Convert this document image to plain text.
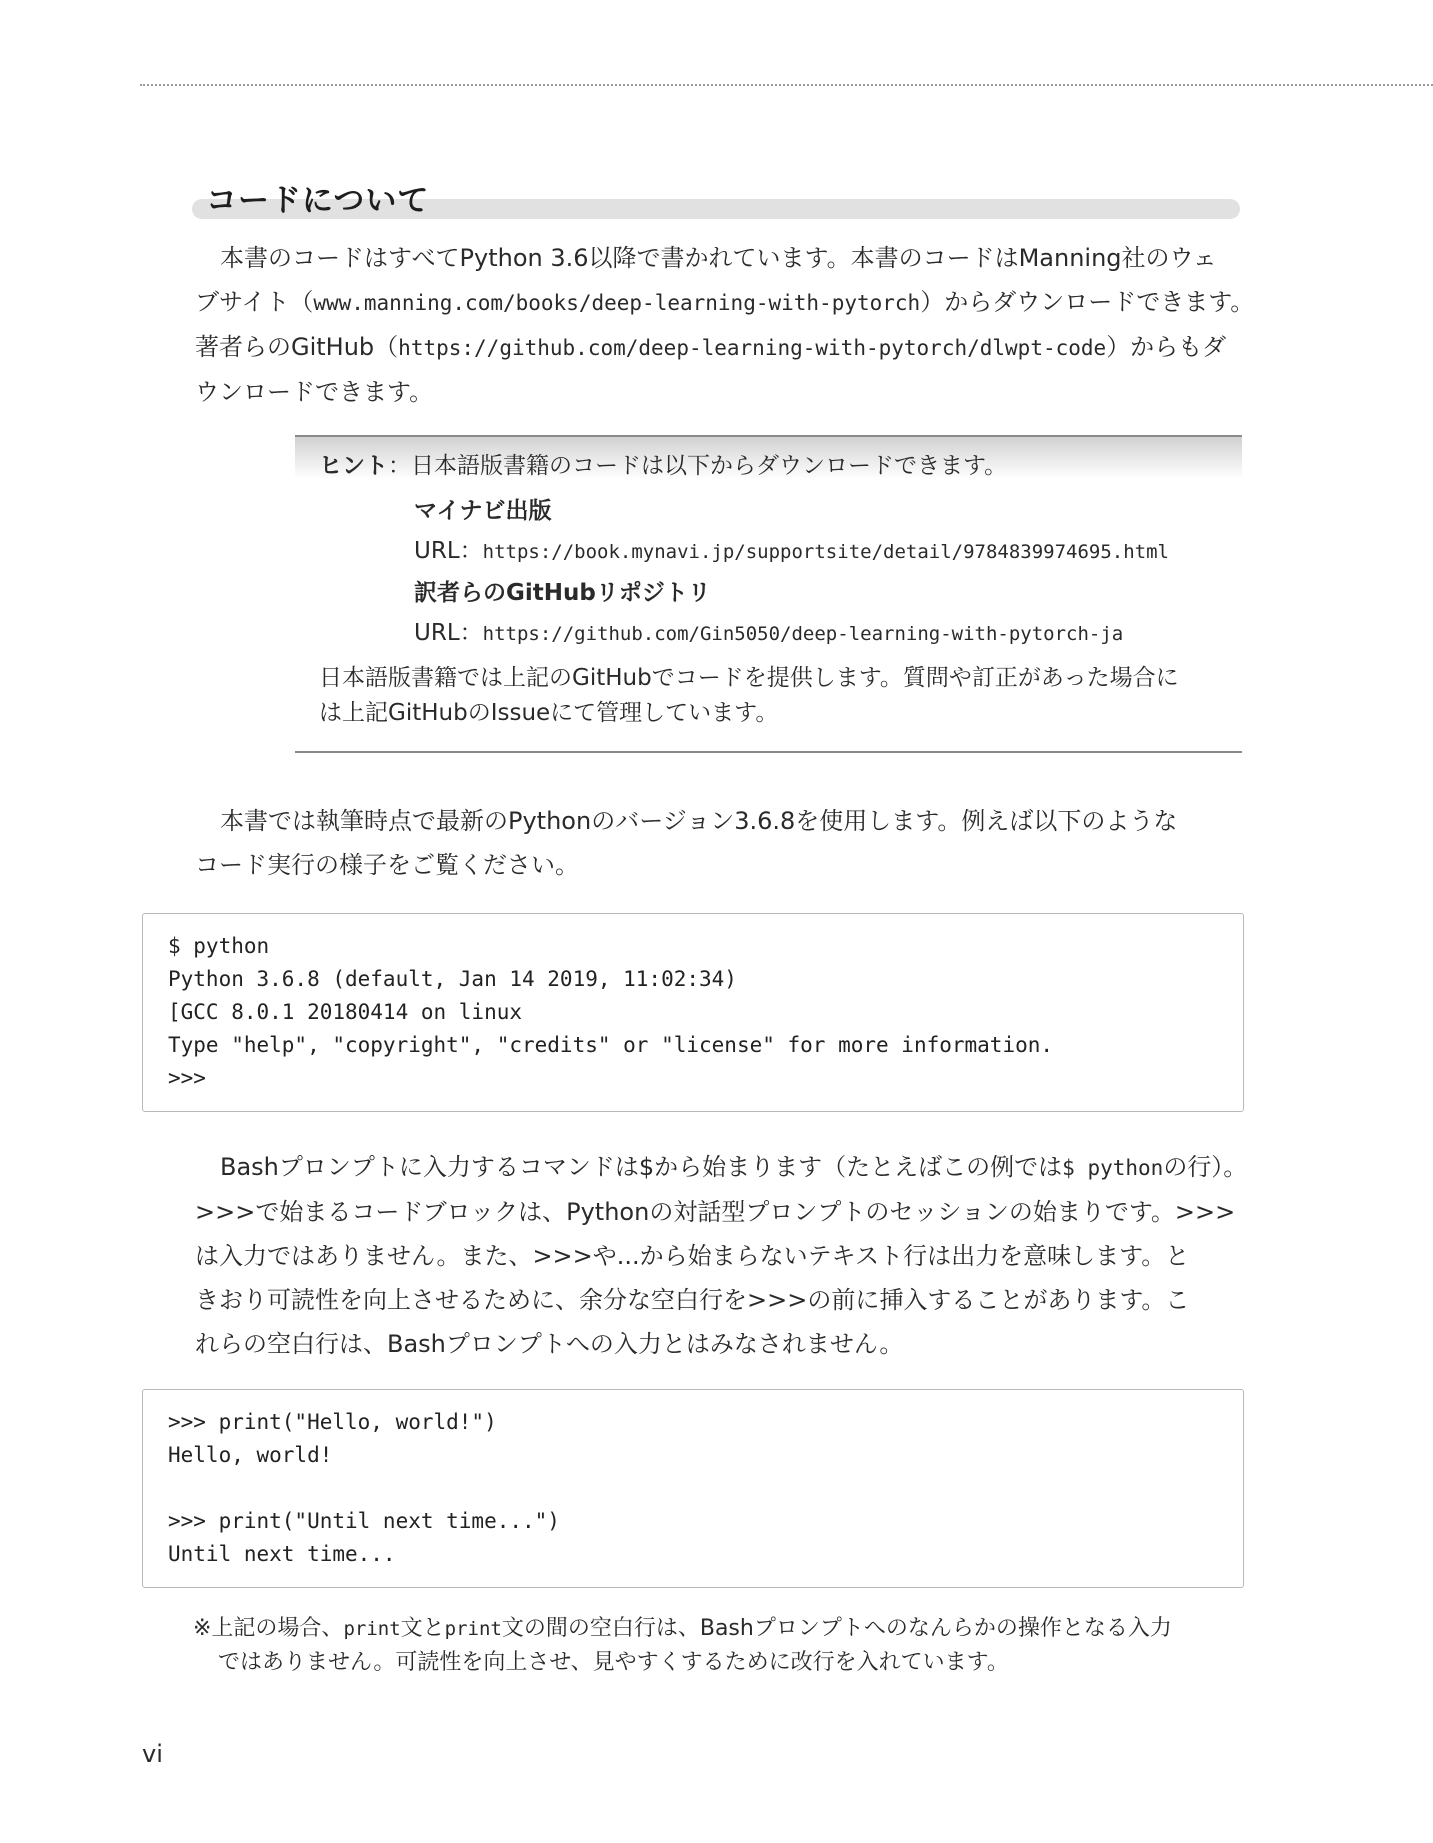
コードについて
本書のコードはすべてPython 3.6以降で書かれています。本書のコードはManning社のウェ
ブサイト（www.manning.com/books/deep-learning-with-pytorch）からダウンロードできます。
著者らのGitHub（https://github.com/deep-learning-with-pytorch/dlwpt-code）からもダ
ウンロードできます。
ヒント：日本語版書籍のコードは以下からダウンロードできます。
マイナビ出版
URL：https://book.mynavi.jp/supportsite/detail/9784839974695.html
訳者らのGitHubリポジトリ
URL：https://github.com/Gin5050/deep-learning-with-pytorch-ja
日本語版書籍では上記のGitHubでコードを提供します。質問や訂正があった場合に
は上記GitHubのIssueにて管理しています。
本書では執筆時点で最新のPythonのバージョン3.6.8を使用します。例えば以下のような
コード実行の様子をご覧ください。
$ python
Python 3.6.8 (default, Jan 14 2019, 11:02:34)
[GCC 8.0.1 20180414 on linux
Type "help", "copyright", "credits" or "license" for more information.
>>>
Bashプロンプトに入力するコマンドは$から始まります（たとえばこの例では$ pythonの行）。
>>>で始まるコードブロックは、Pythonの対話型プロンプトのセッションの始まりです。>>>
は入力ではありません。また、>>>や...から始まらないテキスト行は出力を意味します。と
きおり可読性を向上させるために、余分な空白行を>>>の前に挿入することがあります。こ
れらの空白行は、Bashプロンプトへの入力とはみなされません。
>>> print("Hello, world!")
Hello, world!
>>> print("Until next time...")
Until next time...
※上記の場合、print文とprint文の間の空白行は、Bashプロンプトへのなんらかの操作となる入力
ではありません。可読性を向上させ、見やすくするために改行を入れています。
vi
